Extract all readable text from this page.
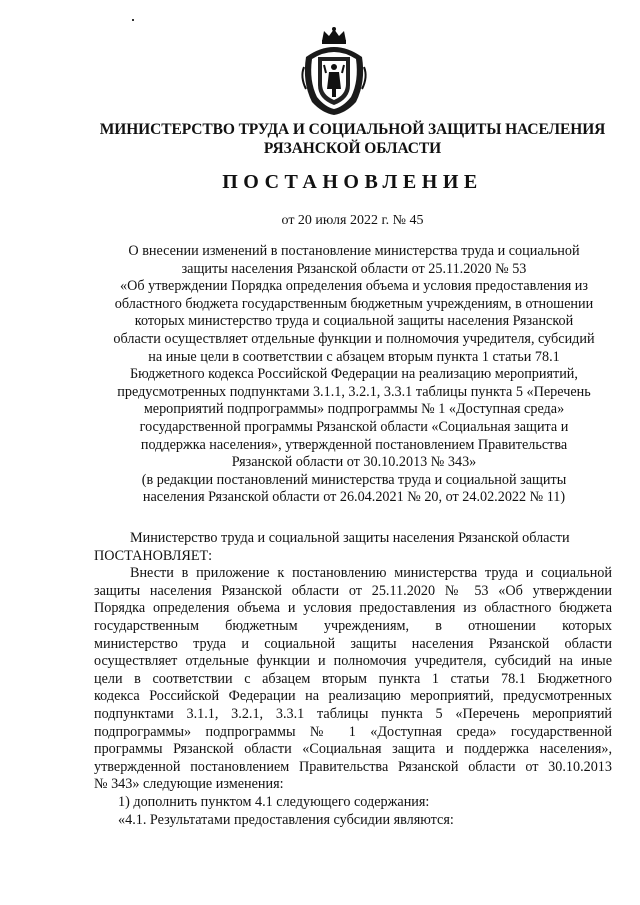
МИНИСТЕРСТВО ТРУДА И СОЦИАЛЬНОЙ ЗАЩИТЫ НАСЕЛЕНИЯ
РЯЗАНСКОЙ ОБЛАСТИ
ПОСТАНОВЛЕНИЕ
от 20 июля 2022 г. № 45
О внесении изменений в постановление министерства труда и социальной
защиты населения Рязанской области от 25.11.2020 № 53
«Об утверждении Порядка определения объема и условия предоставления из
областного бюджета государственным бюджетным учреждениям, в отношении
которых министерство труда и социальной защиты населения Рязанской
области осуществляет отдельные функции и полномочия учредителя, субсидий
на иные цели в соответствии с абзацем вторым пункта 1 статьи 78.1
Бюджетного кодекса Российской Федерации на реализацию мероприятий,
предусмотренных подпунктами 3.1.1, 3.2.1, 3.3.1 таблицы пункта 5 «Перечень
мероприятий подпрограммы» подпрограммы № 1 «Доступная среда»
государственной программы Рязанской области «Социальная защита и
поддержка населения», утвержденной постановлением Правительства
Рязанской области от 30.10.2013 № 343»
(в редакции постановлений министерства труда и социальной защиты
населения Рязанской области от 26.04.2021 № 20, от 24.02.2022 № 11)
Министерство труда и социальной защиты населения Рязанской области
ПОСТАНОВЛЯЕТ:
Внести в приложение к постановлению министерства труда и социальной
защиты населения Рязанской области от 25.11.2020 № 53 «Об утверждении
Порядка определения объема и условия предоставления из областного бюджета
государственным бюджетным учреждениям, в отношении которых
министерство труда и социальной защиты населения Рязанской области
осуществляет отдельные функции и полномочия учредителя, субсидий на иные
цели в соответствии с абзацем вторым пункта 1 статьи 78.1 Бюджетного
кодекса Российской Федерации на реализацию мероприятий, предусмотренных
подпунктами 3.1.1, 3.2.1, 3.3.1 таблицы пункта 5 «Перечень мероприятий
подпрограммы» подпрограммы № 1 «Доступная среда» государственной
программы Рязанской области «Социальная защита и поддержка населения»,
утвержденной постановлением Правительства Рязанской области от 30.10.2013
№ 343» следующие изменения:
1) дополнить пунктом 4.1 следующего содержания:
«4.1. Результатами предоставления субсидии являются:
